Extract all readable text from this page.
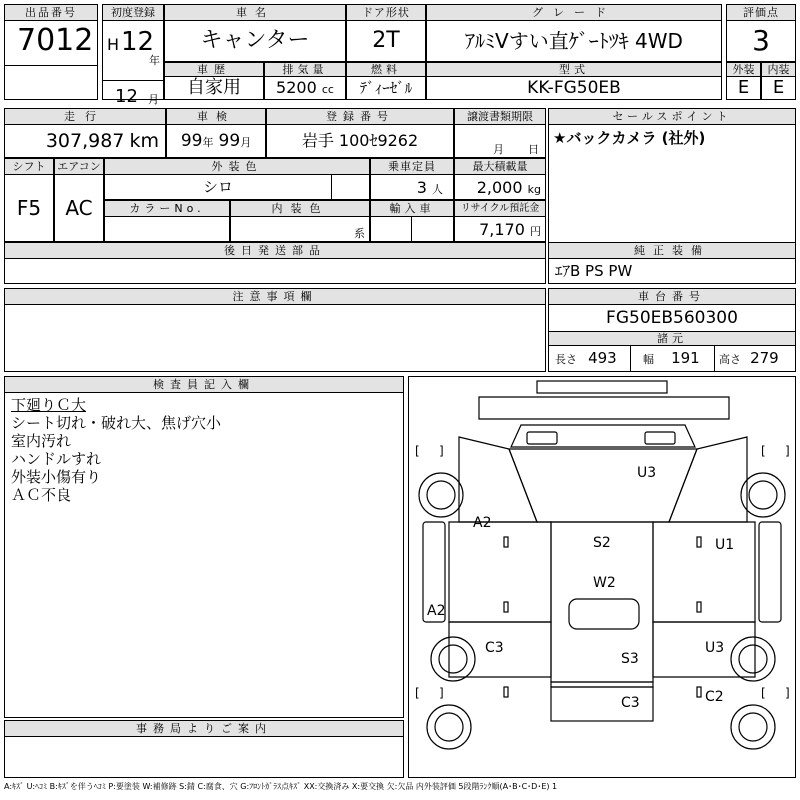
出品番号
7012
初度登録
H 12
年
12 月
車名
キャンター
ドア形状
2T
グレード
ｱﾙﾐVすい直ｹﾞｰﾄﾂｷ 4WD
評価点
3
車歴
自家用
排気量
5200 cc
燃料
ﾃﾞｨｰｾﾞﾙ
型式
KK-FG50EB
外装
E
内装
E
走行
307,987 km
車検
99年 99月
登録番号
岩手 100ｾ9262
譲渡書類期限
月 日
セールスポイント
★バックカメラ (社外)
シフト
F5
エアコン
AC
外装色
シロ
乗車定員
3 人
最大積載量
2,000 kg
カラーNo.	内装色
系
輸入車	リサイクル預託金
7,170 円
後日発送部品	純正装備
ｴｱB PS PW
注意事項欄	車台番号
FG50EB560300
諸元
長さ 493	幅 191	高さ 279
検査員記入欄
下廻りＣ大
シート切れ・破れ大、焦げ穴小
室内汚れ
ハンドルすれ
外装小傷有り
ＡＣ不良
事務局よりご案内
U3
A2
S2	U1
W2
A2
C3
S3
U3
C3	C2
[ ]	[ ]
[ ]	[ ]
A:ｷｽﾞ U:ﾍｺﾐ B:ｷｽﾞを伴うﾍｺﾐ P:要塗装 W:補修跡 S:錆 C:腐食、穴 G:ﾌﾛﾝﾄｶﾞﾗｽ点ｷｽﾞ XX:交換済み X:要交換 欠:欠品 内外装評価 5段階ﾗﾝｸ順(A･B･C･D･E) 1
